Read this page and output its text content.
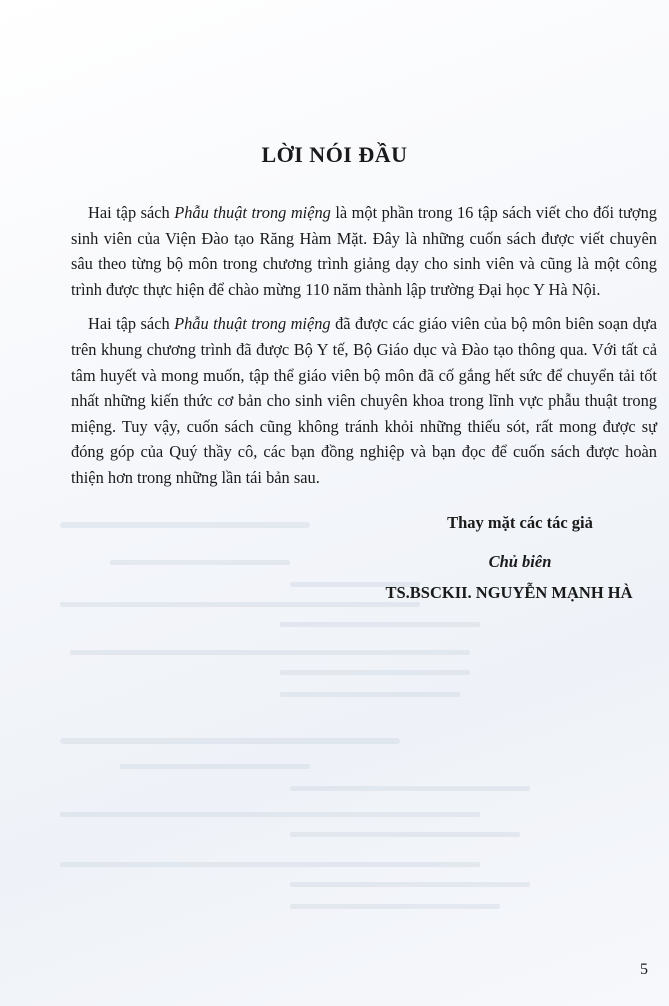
LỜI NÓI ĐẦU

Hai tập sách Phẫu thuật trong miệng là một phần trong 16 tập sách viết cho đối tượng sinh viên của Viện Đào tạo Răng Hàm Mặt. Đây là những cuốn sách được viết chuyên sâu theo từng bộ môn trong chương trình giảng dạy cho sinh viên và cũng là một công trình được thực hiện để chào mừng 110 năm thành lập trường Đại học Y Hà Nội.

Hai tập sách Phẫu thuật trong miệng đã được các giáo viên của bộ môn biên soạn dựa trên khung chương trình đã được Bộ Y tế, Bộ Giáo dục và Đào tạo thông qua. Với tất cả tâm huyết và mong muốn, tập thể giáo viên bộ môn đã cố gắng hết sức để chuyển tải tốt nhất những kiến thức cơ bản cho sinh viên chuyên khoa trong lĩnh vực phẫu thuật trong miệng. Tuy vậy, cuốn sách cũng không tránh khỏi những thiếu sót, rất mong được sự đóng góp của Quý thầy cô, các bạn đồng nghiệp và bạn đọc để cuốn sách được hoàn thiện hơn trong những lần tái bản sau.

Thay mặt các tác giả
Chủ biên
TS.BSCKII. NGUYỄN MẠNH HÀ
5
